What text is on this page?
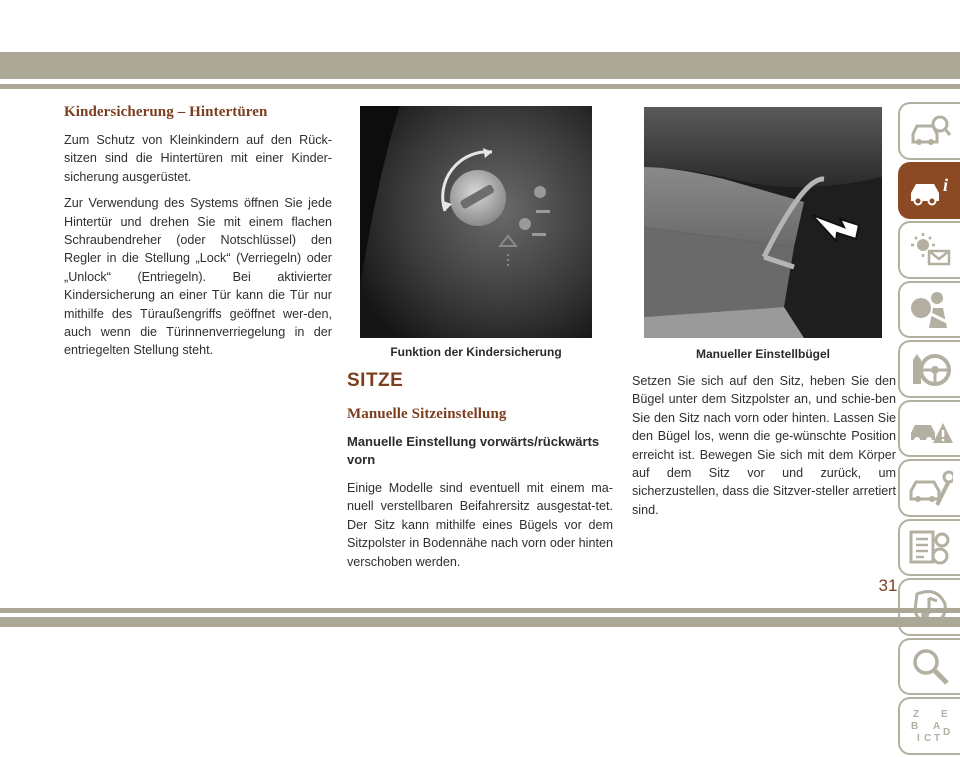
Kindersicherung – Hintertüren

Zum Schutz von Kleinkindern auf den Rück-sitzen sind die Hintertüren mit einer Kinder-sicherung ausgerüstet.

Zur Verwendung des Systems öffnen Sie jede Hintertür und drehen Sie mit einem flachen Schraubendreher (oder Notschlüssel) den Regler in die Stellung „Lock“ (Verriegeln) oder „Unlock“ (Entriegeln). Bei aktivierter Kindersicherung an einer Tür kann die Tür nur mithilfe des Türaußengriffs geöffnet wer-den, auch wenn die Türinnenverriegelung in der entriegelten Stellung steht.	Funktion der Kindersicherung	Manueller Einstellbügel
SITZE
Manuelle Sitzeinstellung
Manuelle Einstellung vorwärts/rückwärts vorn

Einige Modelle sind eventuell mit einem ma-nuell verstellbaren Beifahrersitz ausgestat-tet. Der Sitz kann mithilfe eines Bügels vor dem Sitzpolster in Bodennähe nach vorn oder hinten verschoben werden.

Setzen Sie sich auf den Sitz, heben Sie den Bügel unter dem Sitzpolster an, und schie-ben Sie den Sitz nach vorn oder hinten. Lassen Sie den Bügel los, wenn die ge-wünschte Position erreicht ist. Bewegen Sie sich mit dem Körper auf dem Sitz vor und zurück, um sicherzustellen, dass die Sitzver-steller arretiert sind.

i
Z E
B A
I C T
D
31
